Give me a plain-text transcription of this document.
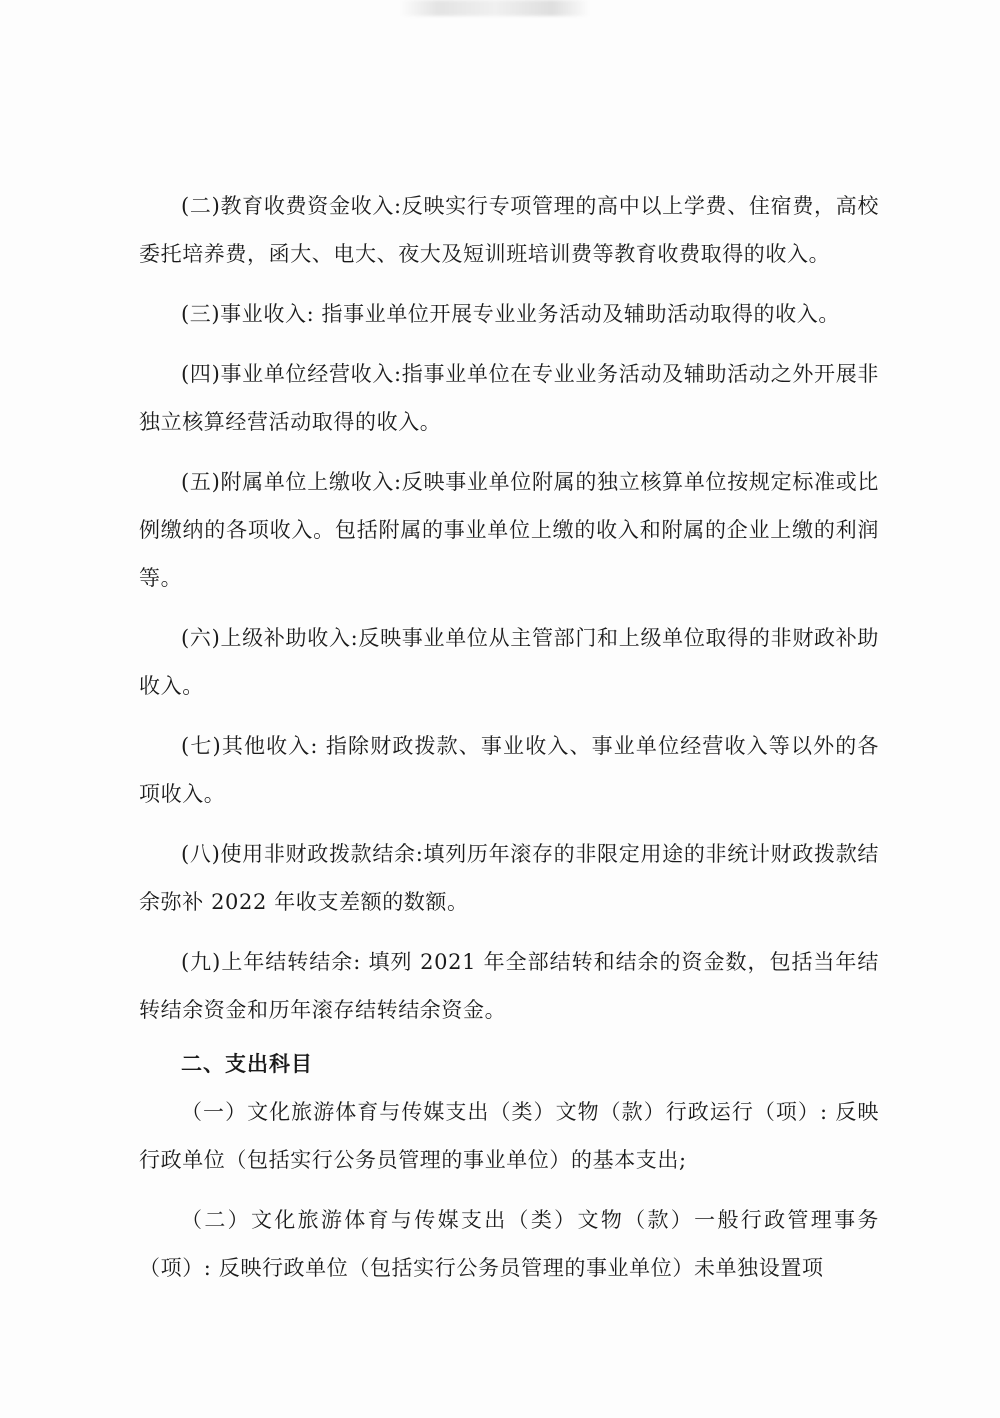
(二)教育收费资金收入:反映实行专项管理的高中以上学费、住宿费，高校委托培养费，函大、电大、夜大及短训班培训费等教育收费取得的收入。

(三)事业收入: 指事业单位开展专业业务活动及辅助活动取得的收入。

(四)事业单位经营收入:指事业单位在专业业务活动及辅助活动之外开展非独立核算经营活动取得的收入。

(五)附属单位上缴收入:反映事业单位附属的独立核算单位按规定标准或比例缴纳的各项收入。包括附属的事业单位上缴的收入和附属的企业上缴的利润等。

(六)上级补助收入:反映事业单位从主管部门和上级单位取得的非财政补助收入。

(七)其他收入: 指除财政拨款、事业收入、事业单位经营收入等以外的各项收入。

(八)使用非财政拨款结余:填列历年滚存的非限定用途的非统计财政拨款结余弥补 2022 年收支差额的数额。

(九)上年结转结余: 填列 2021 年全部结转和结余的资金数，包括当年结转结余资金和历年滚存结转结余资金。

二、支出科目

（一）文化旅游体育与传媒支出（类）文物（款）行政运行（项）: 反映行政单位（包括实行公务员管理的事业单位）的基本支出;

（二）文化旅游体育与传媒支出（类）文物（款）一般行政管理事务（项）: 反映行政单位（包括实行公务员管理的事业单位）未单独设置项
